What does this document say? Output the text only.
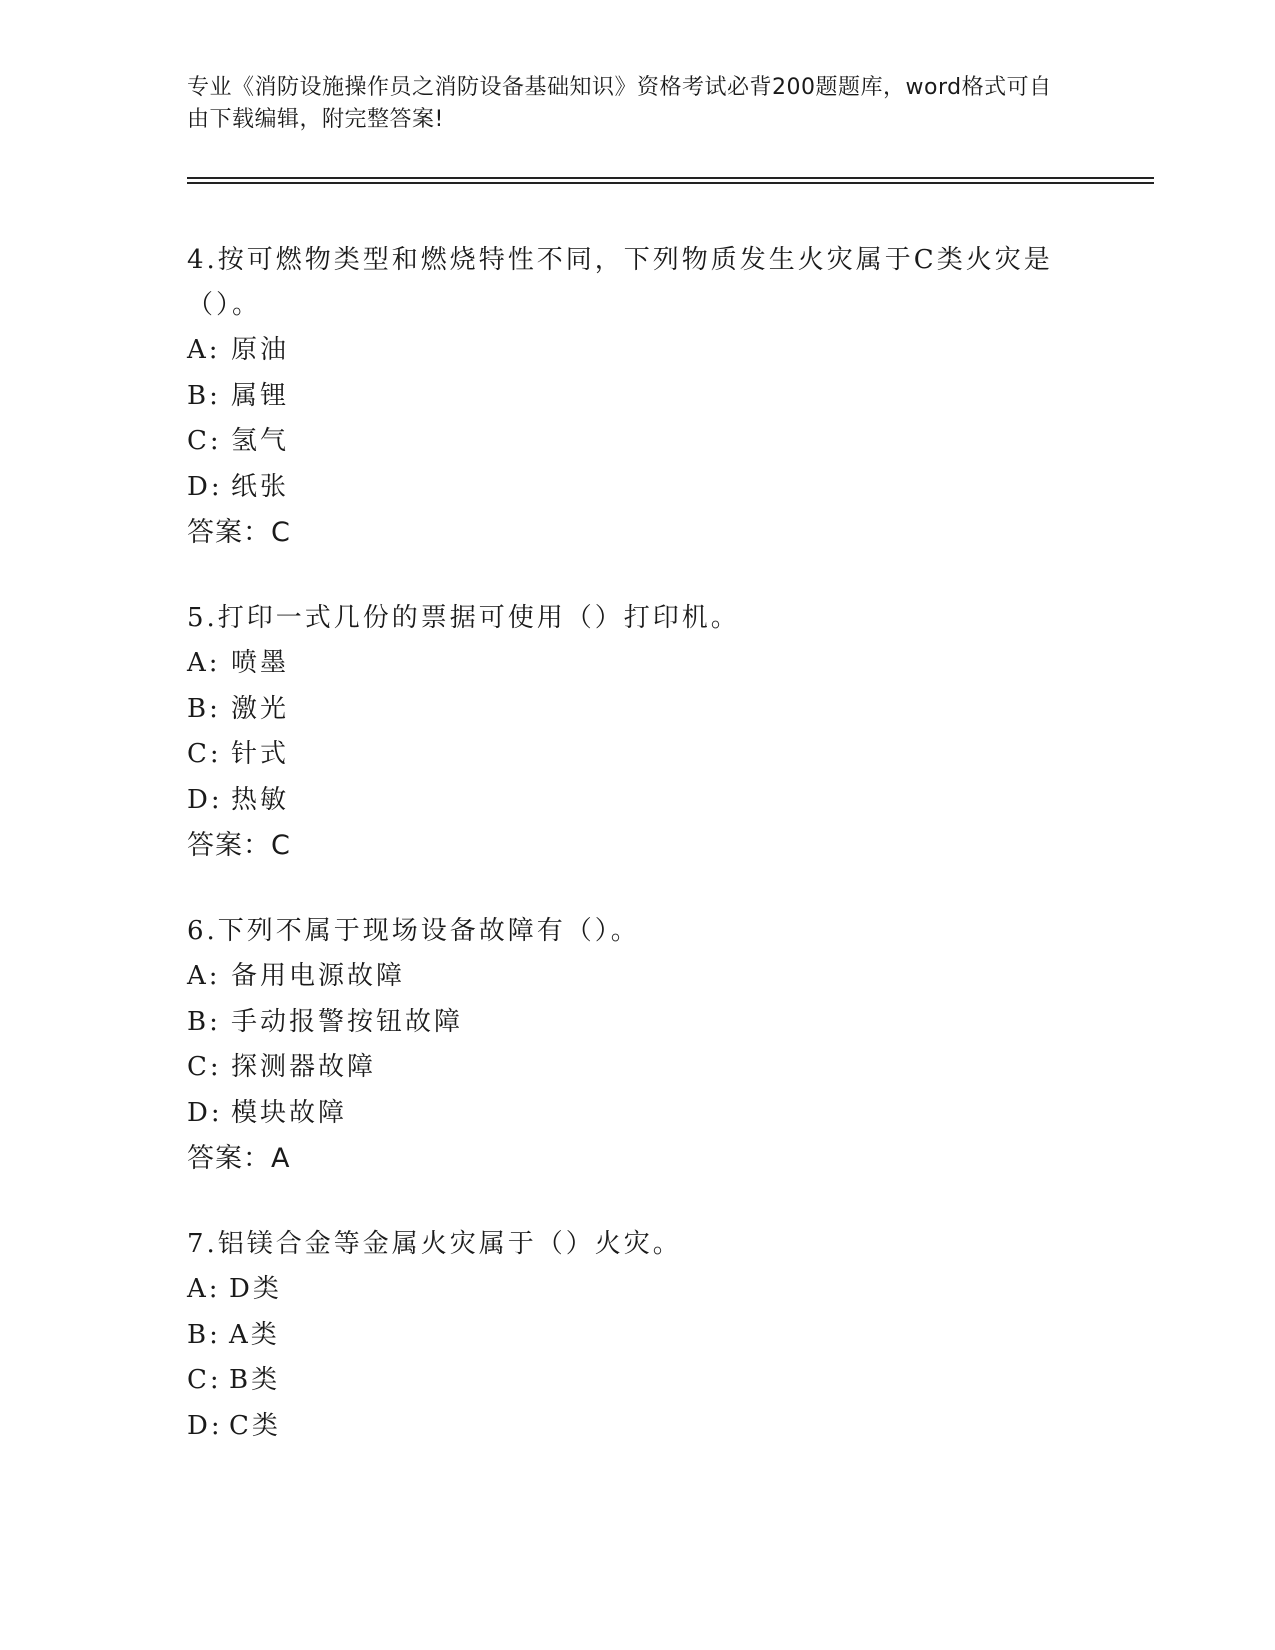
专业《消防设施操作员之消防设备基础知识》资格考试必背200题题库，word格式可自由下载编辑，附完整答案!

4.按可燃物类型和燃烧特性不同，下列物质发生火灾属于C类火灾是（）。

A: 原油

B: 属锂

C: 氢气

D: 纸张

答案：C

5.打印一式几份的票据可使用（）打印机。

A: 喷墨

B: 激光

C: 针式

D: 热敏

答案：C

6.下列不属于现场设备故障有（）。

A: 备用电源故障

B: 手动报警按钮故障

C: 探测器故障

D: 模块故障

答案：A

7.铝镁合金等金属火灾属于（）火灾。

A: D类

B: A类

C: B类

D: C类
